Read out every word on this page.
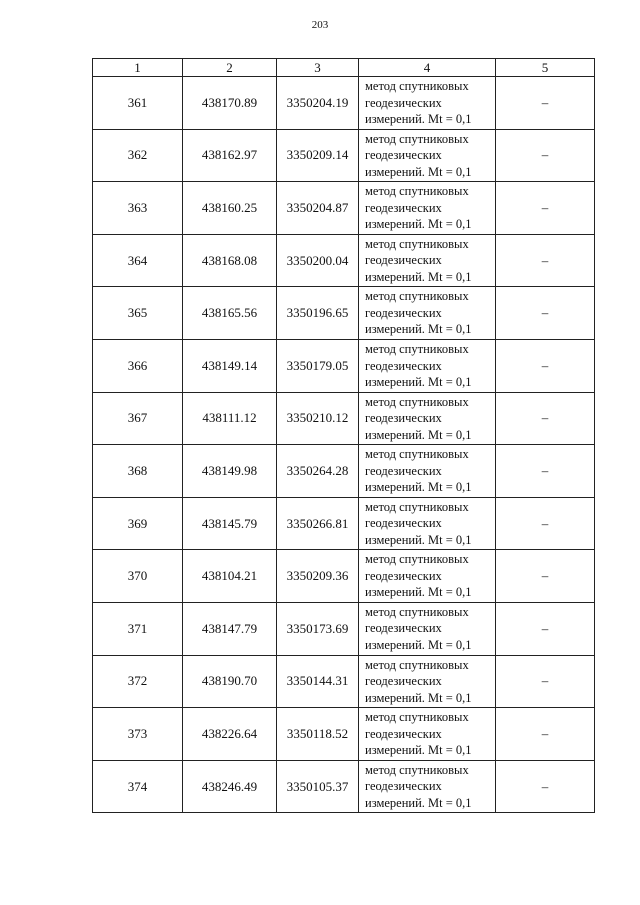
203
1	2	3	4	5
361	438170.89	3350204.19	метод спутниковых геодезических измерений. Mt = 0,1	–
362	438162.97	3350209.14	метод спутниковых геодезических измерений. Mt = 0,1	–
363	438160.25	3350204.87	метод спутниковых геодезических измерений. Mt = 0,1	–
364	438168.08	3350200.04	метод спутниковых геодезических измерений. Mt = 0,1	–
365	438165.56	3350196.65	метод спутниковых геодезических измерений. Mt = 0,1	–
366	438149.14	3350179.05	метод спутниковых геодезических измерений. Mt = 0,1	–
367	438111.12	3350210.12	метод спутниковых геодезических измерений. Mt = 0,1	–
368	438149.98	3350264.28	метод спутниковых геодезических измерений. Mt = 0,1	–
369	438145.79	3350266.81	метод спутниковых геодезических измерений. Mt = 0,1	–
370	438104.21	3350209.36	метод спутниковых геодезических измерений. Mt = 0,1	–
371	438147.79	3350173.69	метод спутниковых геодезических измерений. Mt = 0,1	–
372	438190.70	3350144.31	метод спутниковых геодезических измерений. Mt = 0,1	–
373	438226.64	3350118.52	метод спутниковых геодезических измерений. Mt = 0,1	–
374	438246.49	3350105.37	метод спутниковых геодезических измерений. Mt = 0,1	–
